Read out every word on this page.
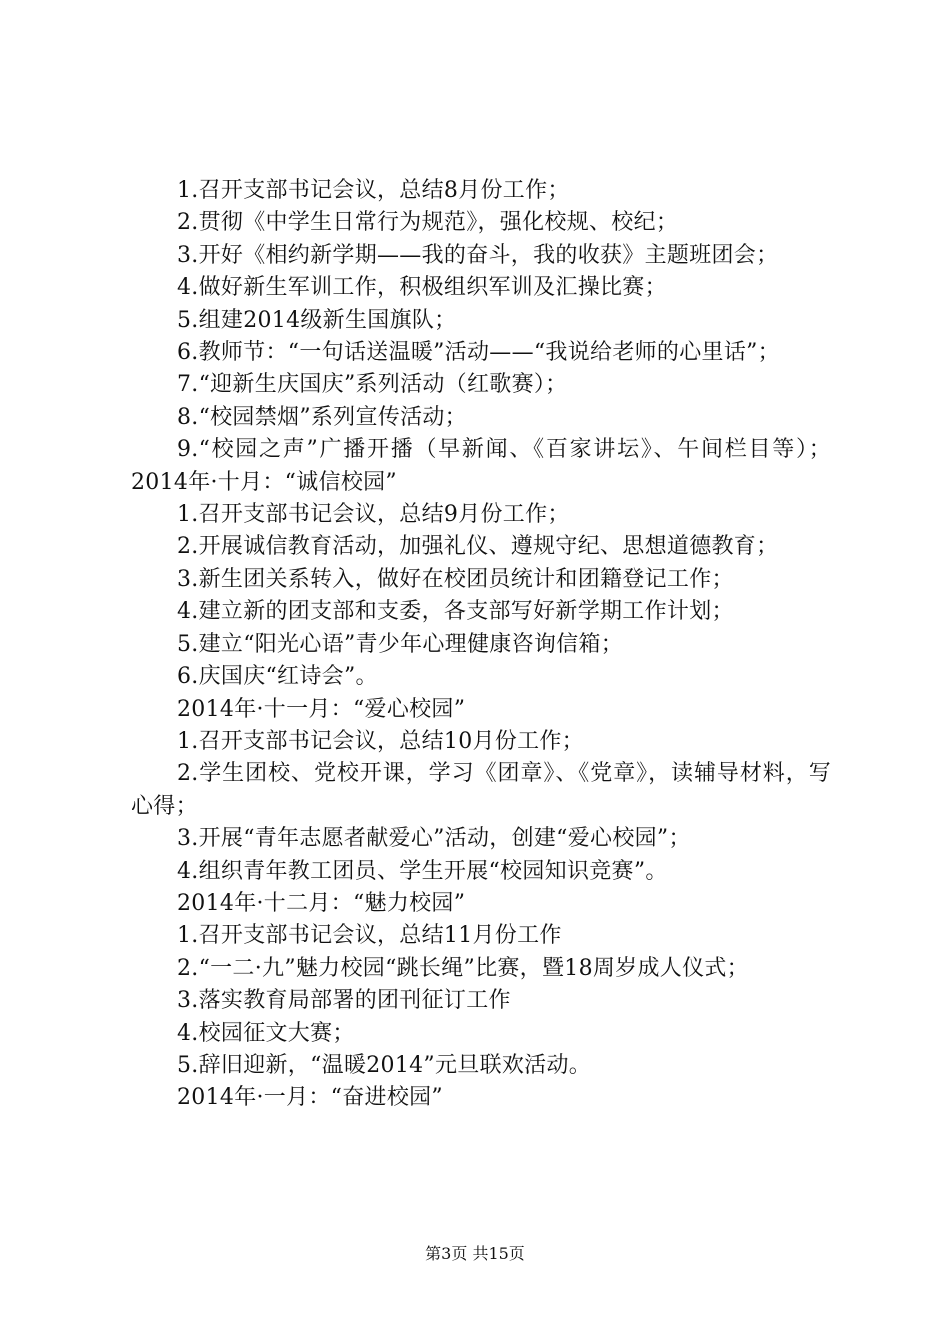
1.召开支部书记会议，总结8月份工作；

2.贯彻《中学生日常行为规范》，强化校规、校纪；

3.开好《相约新学期——我的奋斗，我的收获》主题班团会；

4.做好新生军训工作，积极组织军训及汇操比赛；

5.组建2014级新生国旗队；

6.教师节：“一句话送温暖”活动——“我说给老师的心里话”；

7.“迎新生庆国庆”系列活动（红歌赛）；

8.“校园禁烟”系列宣传活动；

9.“校园之声”广播开播（早新闻、《百家讲坛》、午间栏目等）；2014年·十月：“诚信校园”

1.召开支部书记会议，总结9月份工作；

2.开展诚信教育活动，加强礼仪、遵规守纪、思想道德教育；

3.新生团关系转入，做好在校团员统计和团籍登记工作；

4.建立新的团支部和支委，各支部写好新学期工作计划；

5.建立“阳光心语”青少年心理健康咨询信箱；

6.庆国庆“红诗会”。

2014年·十一月：“爱心校园”

1.召开支部书记会议，总结10月份工作；

2.学生团校、党校开课，学习《团章》、《党章》，读辅导材料，写心得；

3.开展“青年志愿者献爱心”活动，创建“爱心校园”；

4.组织青年教工团员、学生开展“校园知识竞赛”。

2014年·十二月：“魅力校园”

1.召开支部书记会议，总结11月份工作

2.“一二·九”魅力校园“跳长绳”比赛，暨18周岁成人仪式；

3.落实教育局部署的团刊征订工作

4.校园征文大赛；

5.辞旧迎新，“温暖2014”元旦联欢活动。

2014年·一月：“奋进校园”

第3页 共15页
